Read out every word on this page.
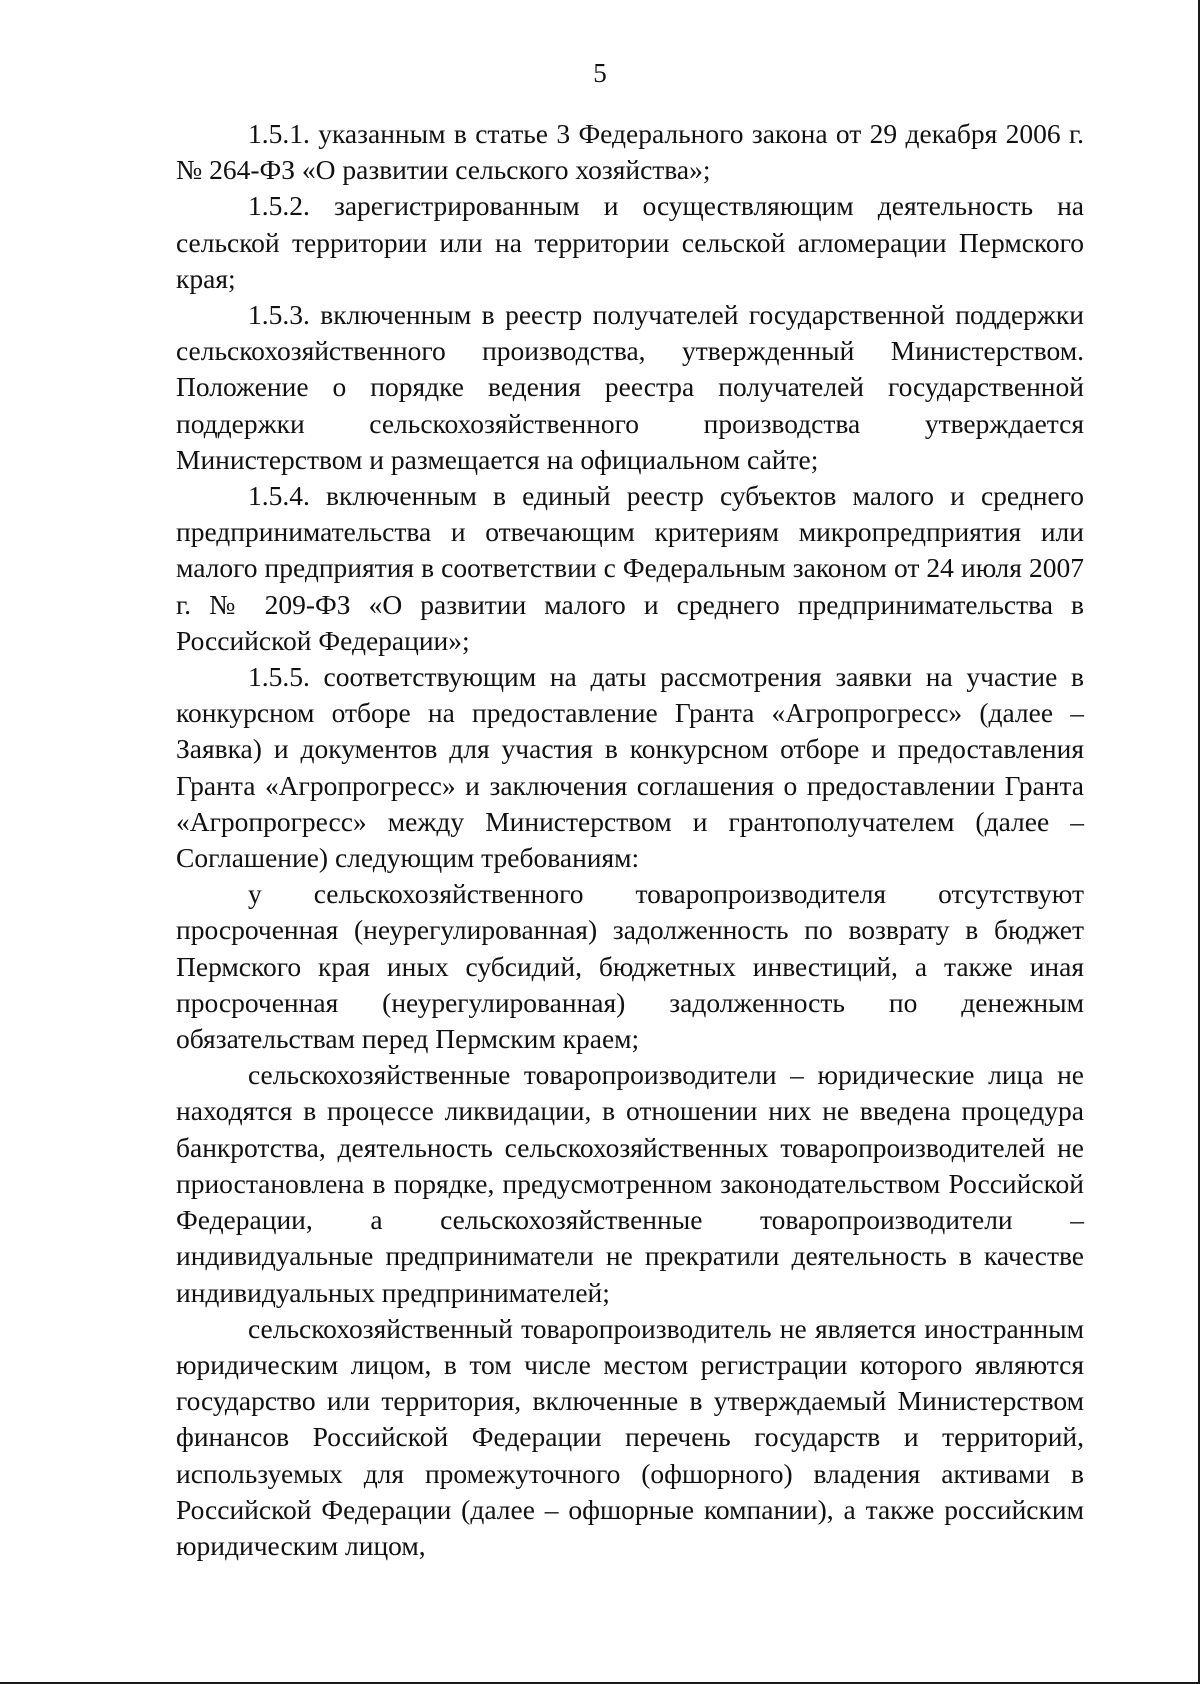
5

1.5.1. указанным в статье 3 Федерального закона от 29 декабря 2006 г. № 264-ФЗ «О развитии сельского хозяйства»;

1.5.2. зарегистрированным и осуществляющим деятельность на сельской территории или на территории сельской агломерации Пермского края;

1.5.3. включенным в реестр получателей государственной поддержки сельскохозяйственного производства, утвержденный Министерством. Положение о порядке ведения реестра получателей государственной поддержки сельскохозяйственного производства утверждается Министерством и размещается на официальном сайте;

1.5.4. включенным в единый реестр субъектов малого и среднего предпринимательства и отвечающим критериям микропредприятия или малого предприятия в соответствии с Федеральным законом от 24 июля 2007 г. № 209-ФЗ «О развитии малого и среднего предпринимательства в Российской Федерации»;

1.5.5. соответствующим на даты рассмотрения заявки на участие в конкурсном отборе на предоставление Гранта «Агропрогресс» (далее – Заявка) и документов для участия в конкурсном отборе и предоставления Гранта «Агропрогресс» и заключения соглашения о предоставлении Гранта «Агропрогресс» между Министерством и грантополучателем (далее – Соглашение) следующим требованиям:

у сельскохозяйственного товаропроизводителя отсутствуют просроченная (неурегулированная) задолженность по возврату в бюджет Пермского края иных субсидий, бюджетных инвестиций, а также иная просроченная (неурегулированная) задолженность по денежным обязательствам перед Пермским краем;

сельскохозяйственные товаропроизводители – юридические лица не находятся в процессе ликвидации, в отношении них не введена процедура банкротства, деятельность сельскохозяйственных товаропроизводителей не приостановлена в порядке, предусмотренном законодательством Российской Федерации, а сельскохозяйственные товаропроизводители – индивидуальные предприниматели не прекратили деятельность в качестве индивидуальных предпринимателей;

сельскохозяйственный товаропроизводитель не является иностранным юридическим лицом, в том числе местом регистрации которого являются государство или территория, включенные в утверждаемый Министерством финансов Российской Федерации перечень государств и территорий, используемых для промежуточного (офшорного) владения активами в Российской Федерации (далее – офшорные компании), а также российским юридическим лицом,
